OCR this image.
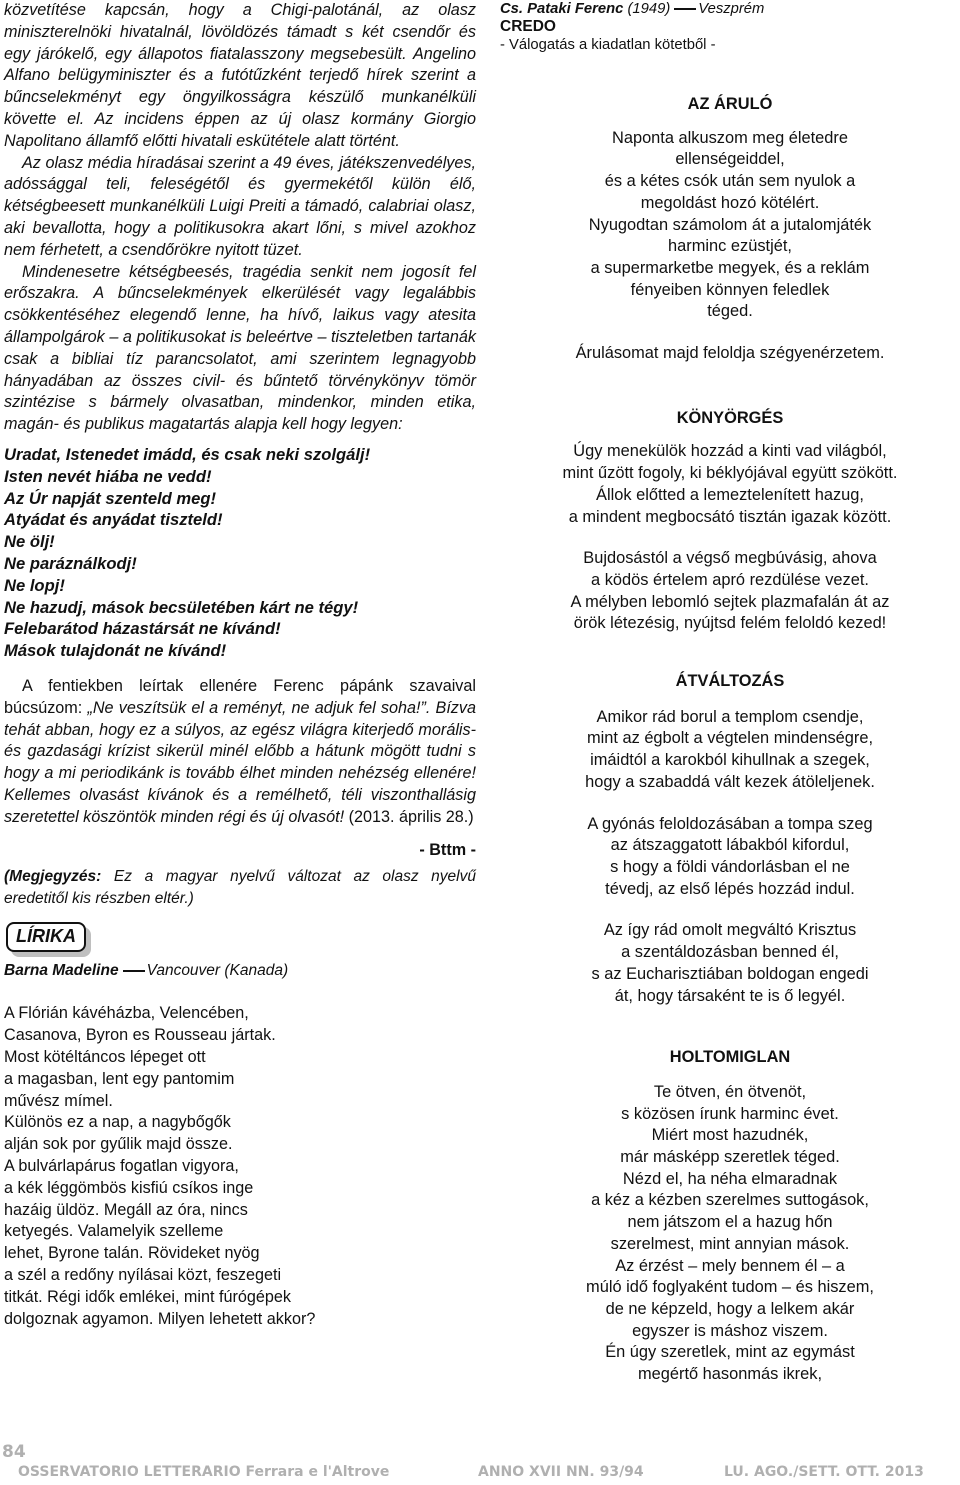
közvetítése kapcsán, hogy a Chigi-palotánál, az olasz miniszterelnöki hivatalnál, lövöldözés támadt s két csendőr és egy járókelő, egy állapotos fiatalasszony megsebesült. Angelino Alfano belügyminiszter és a futótűzként terjedő hírek szerint a bűncselekményt egy öngyilkosságra készülő munkanélküli követte el. Az incidens éppen az új olasz kormány Giorgio Napolitano államfő előtti hivatali eskütétele alatt történt.

Az olasz média híradásai szerint a 49 éves, játékszenvedélyes, adóssággal teli, feleségétől és gyermekétől külön élő, kétségbeesett munkanélküli Luigi Preiti a támadó, calabriai olasz, aki bevallotta, hogy a politikusokra akart lőni, s mivel azokhoz nem férhetett, a csendőrökre nyitott tüzet.

Mindenesetre kétségbeesés, tragédia senkit nem jogosít fel erőszakra. A bűncselekmények elkerülését vagy legalábbis csökkentéséhez elegendő lenne, ha hívő, laikus vagy atesita állampolgárok – a politikusokat is beleértve – tiszteletben tartanák csak a bibliai tíz parancsolatot, ami szerintem legnagyobb hányadában az összes civil- és bűntető törvénykönyv tömör szintézise s bármely olvasatban, mindenkor, minden etika, magán- és publikus magatartás alapja kell hogy legyen:

Uradat, Istenedet imádd, és csak neki szolgálj!
Isten nevét hiába ne vedd!
Az Úr napját szenteld meg!
Atyádat és anyádat tiszteld!
Ne ölj!
Ne paráználkodj!
Ne lopj!
Ne hazudj, mások becsületében kárt ne tégy!
Felebarátod házastársát ne kívánd!
Mások tulajdonát ne kívánd!

A fentiekben leírtak ellenére Ferenc pápánk szavaival búcsúzom: „Ne veszítsük el a reményt, ne adjuk fel soha!”. Bízva tehát abban, hogy ez a súlyos, az egész világra kiterjedő morális- és gazdasági krízist sikerül minél előbb a hátunk mögött tudni s hogy a mi periodikánk is tovább élhet minden nehézség ellenére! Kellemes olvasást kívánok és a remélhető, téli viszonthallásig szeretettel köszöntök minden régi és új olvasót! (2013. április 28.)

- Bttm -

(Megjegyzés: Ez a magyar nyelvű változat az olasz nyelvű eredetitől kis részben eltér.)

LÍRIKA
Barna Madeline Vancouver (Kanada)
A Flórián kávéházba, Velencében,
Casanova, Byron es Rousseau jártak.
Most kötéltáncos lépeget ott
a magasban, lent egy pantomim
művész mímel.
Különös ez a nap, a nagybőgők
alján sok por gyűlik majd össze.
A bulvárlapárus fogatlan vigyora,
a kék léggömbös kisfiú csíkos inge
hazáig üldöz. Megáll az óra, nincs
ketyegés. Valamelyik szelleme
lehet, Byrone talán. Rövideket nyög
a szél a redőny nyílásai közt, feszegeti
titkát. Régi idők emlékei, mint fúrógépek
dolgoznak agyamon. Milyen lehetett akkor?
Cs. Pataki Ferenc (1949) Veszprém
CREDO
- Válogatás a kiadatlan kötetből -
AZ ÁRULÓ
Naponta alkuszom meg életedre
ellenségeiddel,
és a kétes csók után sem nyulok a
megoldást hozó kötélért.
Nyugodtan számolom át a jutalomjáték
harminc ezüstjét,
a supermarketbe megyek, és a reklám
fényeiben könnyen feledlek
téged.
Árulásomat majd feloldja szégyenérzetem.
KÖNYÖRGÉS
Úgy menekülök hozzád a kinti vad világból,
mint űzött fogoly, ki béklyójával együtt szökött.
Állok előtted a lemeztelenített hazug,
a mindent megbocsátó tisztán igazak között.
Bujdosástól a végső megbúvásig, ahova
a ködös értelem apró rezdülése vezet.
A mélyben lebomló sejtek plazmafalán át az
örök létezésig, nyújtsd felém feloldó kezed!
ÁTVÁLTOZÁS
Amikor rád borul a templom csendje,
mint az égbolt a végtelen mindenségre,
imáidtól a karokból kihullnak a szegek,
hogy a szabaddá vált kezek átöleljenek.
A gyónás feloldozásában a tompa szeg
az átszaggatott lábakból kifordul,
s hogy a földi vándorlásban el ne
tévedj, az első lépés hozzád indul.
Az így rád omolt megváltó Krisztus
a szentáldozásban benned él,
s az Eucharisztiában boldogan engedi
át, hogy társaként te is ő legyél.
HOLTOMIGLAN
Te ötven, én ötvenöt,
s közösen írunk harminc évet.
Miért most hazudnék,
már másképp szeretlek téged.
Nézd el, ha néha elmaradnak
a kéz a kézben szerelmes suttogások,
nem játszom el a hazug hőn
szerelmest, mint annyian mások.
Az érzést – mely bennem él – a
múló idő foglyaként tudom – és hiszem,
de ne képzeld, hogy a lelkem akár
egyszer is máshoz viszem.
Én úgy szeretlek, mint az egymást
megértő hasonmás ikrek,
84
OSSERVATORIO LETTERARIO Ferrara e l'Altrove	ANNO XVII NN. 93/94	LU. AGO./SETT. OTT. 2013
